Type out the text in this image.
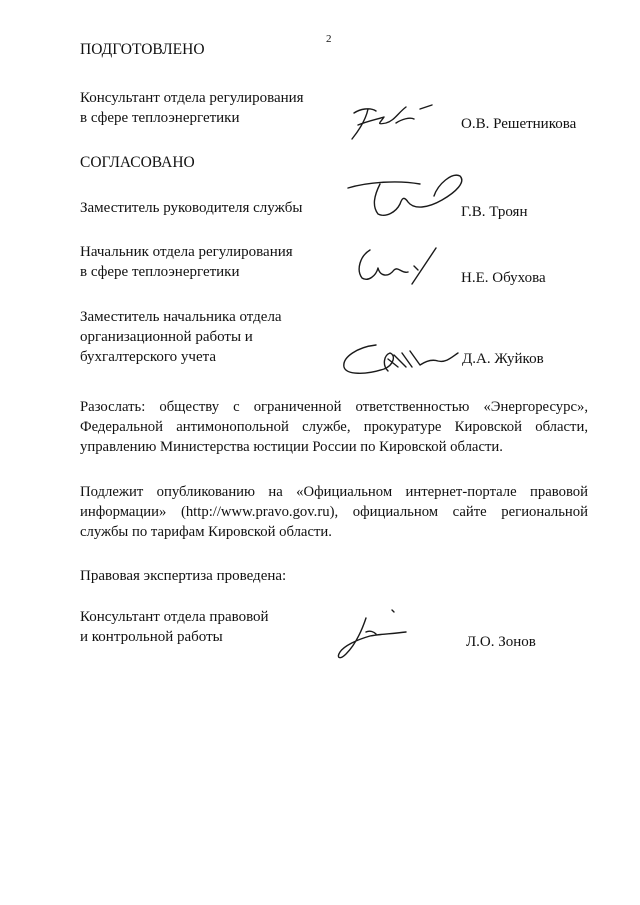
2
ПОДГОТОВЛЕНО
Консультант отдела регулирования
в сфере теплоэнергетики	О.В. Решетникова
СОГЛАСОВАНО
Заместитель руководителя службы	Г.В. Троян
Начальник отдела регулирования
в сфере теплоэнергетики	Н.Е. Обухова
Заместитель начальника отдела
организационной работы и
бухгалтерского учета	Д.А. Жуйков

Разослать: обществу с ограниченной ответственностью «Энергоресурс», Федеральной антимонопольной службе, прокуратуре Кировской области, управлению Министерства юстиции России по Кировской области.

Подлежит опубликованию на «Официальном интернет-портале правовой информации» (http://www.pravo.gov.ru), официальном сайте региональной службы по тарифам Кировской области.

Правовая экспертиза проведена:
Консультант отдела правовой
и контрольной работы	Л.О. Зонов
